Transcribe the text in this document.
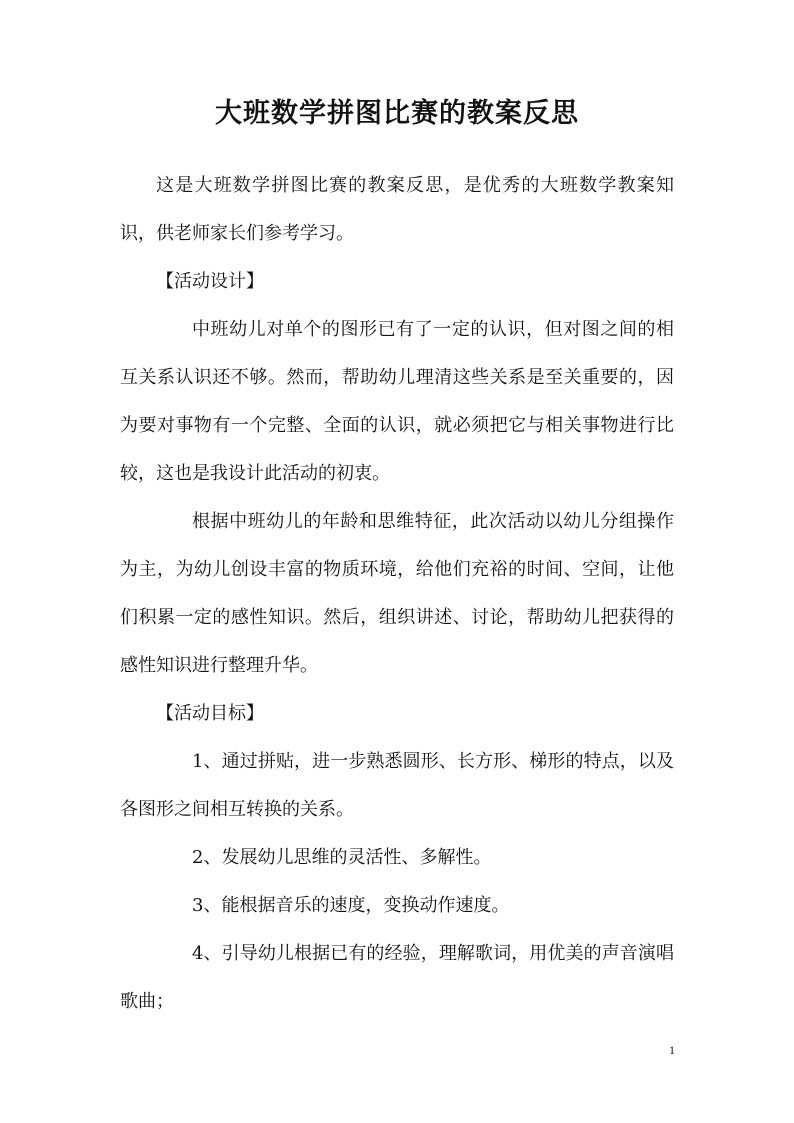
大班数学拼图比赛的教案反思

这是大班数学拼图比赛的教案反思，是优秀的大班数学教案知识，供老师家长们参考学习。

【活动设计】

中班幼儿对单个的图形已有了一定的认识，但对图之间的相互关系认识还不够。然而，帮助幼儿理清这些关系是至关重要的，因为要对事物有一个完整、全面的认识，就必须把它与相关事物进行比较，这也是我设计此活动的初衷。

根据中班幼儿的年龄和思维特征，此次活动以幼儿分组操作为主，为幼儿创设丰富的物质环境，给他们充裕的时间、空间，让他们积累一定的感性知识。然后，组织讲述、讨论，帮助幼儿把获得的感性知识进行整理升华。

【活动目标】

1、通过拼贴，进一步熟悉圆形、长方形、梯形的特点，以及各图形之间相互转换的关系。

2、发展幼儿思维的灵活性、多解性。

3、能根据音乐的速度，变换动作速度。

4、引导幼儿根据已有的经验，理解歌词，用优美的声音演唱歌曲；

1
